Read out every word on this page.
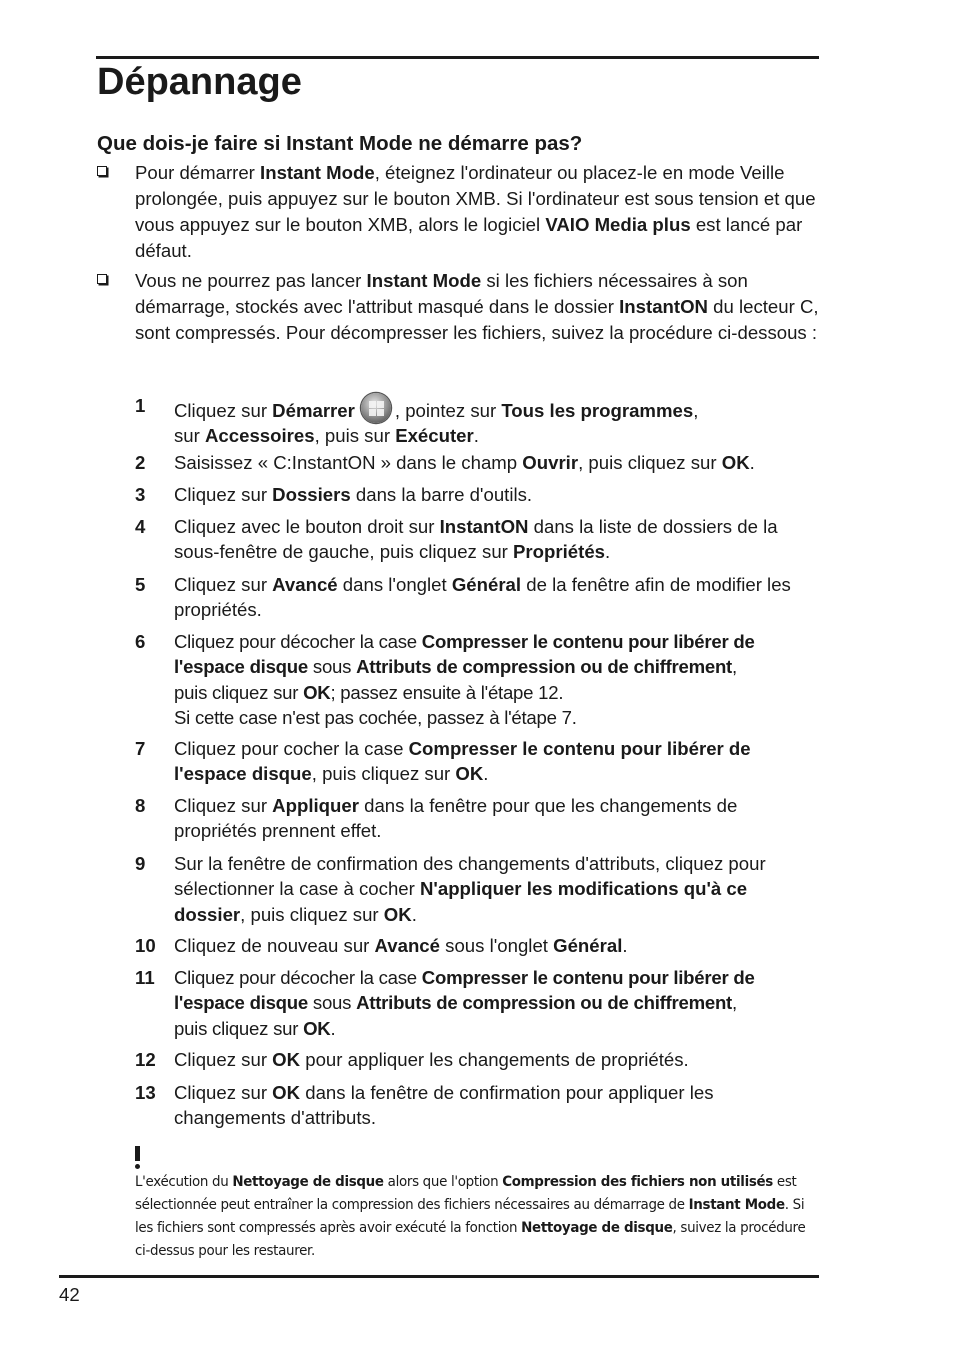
Dépannage
Que dois-je faire si Instant Mode ne démarre pas?
Pour démarrer Instant Mode, éteignez l'ordinateur ou placez-le en mode Veille prolongée, puis appuyez sur le bouton XMB. Si l'ordinateur est sous tension et que vous appuyez sur le bouton XMB, alors le logiciel VAIO Media plus est lancé par défaut.
Vous ne pourrez pas lancer Instant Mode si les fichiers nécessaires à son démarrage, stockés avec l'attribut masqué dans le dossier InstantON du lecteur C, sont compressés. Pour décompresser les fichiers, suivez la procédure ci-dessous :
1 Cliquez sur Démarrer , pointez sur Tous les programmes,
sur Accessoires, puis sur Exécuter.
2 Saisissez « C:InstantON » dans le champ Ouvrir, puis cliquez sur OK.
3 Cliquez sur Dossiers dans la barre d'outils.
4 Cliquez avec le bouton droit sur InstantON dans la liste de dossiers de la sous-fenêtre de gauche, puis cliquez sur Propriétés.
5 Cliquez sur Avancé dans l'onglet Général de la fenêtre afin de modifier les propriétés.
6 Cliquez pour décocher la case Compresser le contenu pour libérer de l'espace disque sous Attributs de compression ou de chiffrement,
puis cliquez sur OK; passez ensuite à l'étape 12.
Si cette case n'est pas cochée, passez à l'étape 7.
7 Cliquez pour cocher la case Compresser le contenu pour libérer de l'espace disque, puis cliquez sur OK.
8 Cliquez sur Appliquer dans la fenêtre pour que les changements de propriétés prennent effet.
9 Sur la fenêtre de confirmation des changements d'attributs, cliquez pour sélectionner la case à cocher N'appliquer les modifications qu'à ce dossier, puis cliquez sur OK.
10 Cliquez de nouveau sur Avancé sous l'onglet Général.
11 Cliquez pour décocher la case Compresser le contenu pour libérer de l'espace disque sous Attributs de compression ou de chiffrement,
puis cliquez sur OK.
12 Cliquez sur OK pour appliquer les changements de propriétés.
13 Cliquez sur OK dans la fenêtre de confirmation pour appliquer les changements d'attributs.
L'exécution du Nettoyage de disque alors que l'option Compression des fichiers non utilisés est sélectionnée peut entraîner la compression des fichiers nécessaires au démarrage de Instant Mode. Si les fichiers sont compressés après avoir exécuté la fonction Nettoyage de disque, suivez la procédure ci-dessus pour les restaurer.
42
